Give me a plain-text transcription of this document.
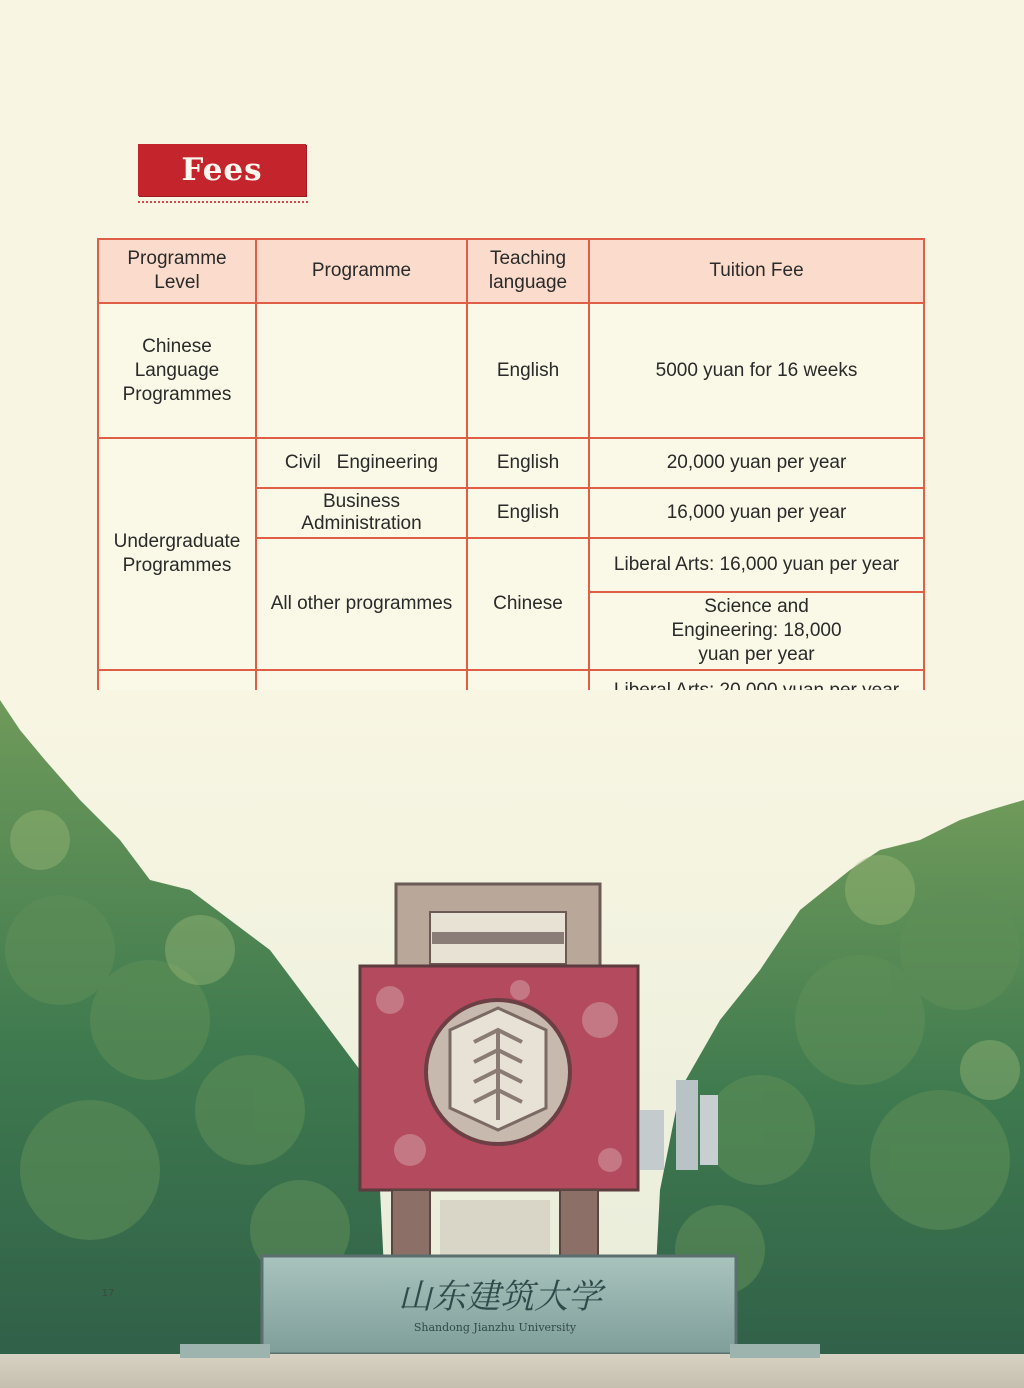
Fees
Programme Level	Programme	Teaching language	Tuition Fee
Chinese Language Programmes		English	5000 yuan for 16 weeks
Undergraduate Programmes	Civil   Engineering	English	20,000 yuan per year
	Business Administration	English	16,000 yuan per year
	All other programmes	Chinese	Liberal Arts: 16,000 yuan per year
			Science and Engineering: 18,000 yuan per year

山东建筑大学
Shandong Jianzhu University
17
